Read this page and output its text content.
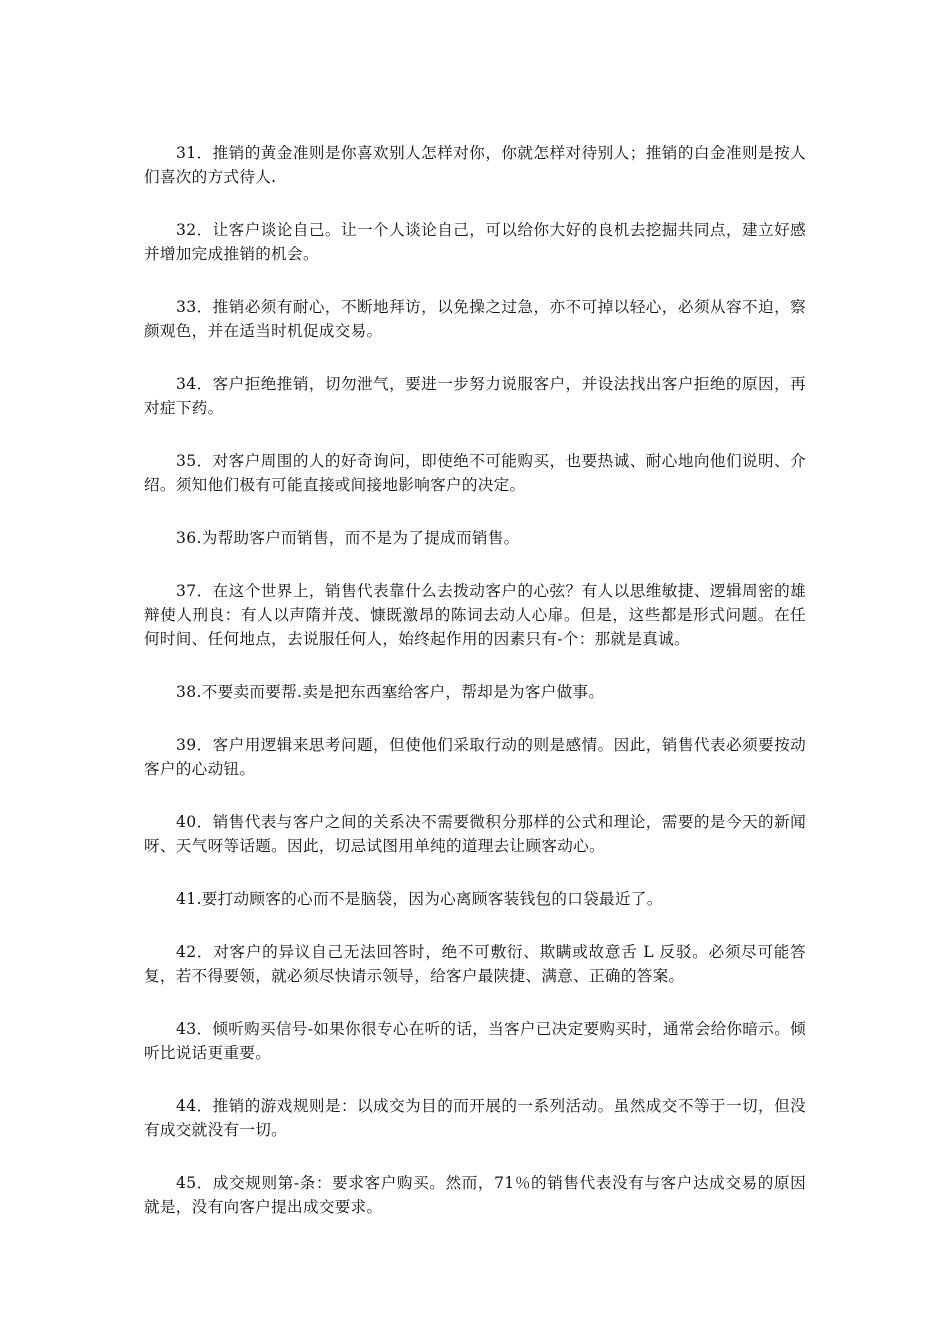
31．推销的黄金准则是你喜欢别人怎样对你，你就怎样对待别人；推销的白金准则是按人们喜次的方式待人.

32．让客户谈论自己。让一个人谈论自己，可以给你大好的良机去挖掘共同点，建立好感并增加完成推销的机会。

33．推销必须有耐心，不断地拜访，以免操之过急，亦不可掉以轻心，必须从容不迫，察颜观色，并在适当时机促成交易。

34．客户拒绝推销，切勿泄气，要进一步努力说服客户，并设法找出客户拒绝的原因，再对症下药。

35．对客户周围的人的好奇询问，即使绝不可能购买，也要热诚、耐心地向他们说明、介绍。须知他们极有可能直接或间接地影响客户的决定。

36.为帮助客户而销售，而不是为了提成而销售。

37．在这个世界上，销售代表靠什么去拨动客户的心弦？有人以思维敏捷、逻辑周密的雄辩使人刑良：有人以声隋并茂、慷既激昂的陈词去动人心扉。但是，这些都是形式问题。在任何时间、任何地点，去说服任何人，始终起作用的因素只有-个：那就是真诚。

38.不要卖而要帮.卖是把东西塞给客户，帮却是为客户做事。

39．客户用逻辑来思考问题，但使他们采取行动的则是感情。因此，销售代表必须要按动客户的心动钮。

40．销售代表与客户之间的关系决不需要微积分那样的公式和理论，需要的是今天的新闻呀、天气呀等话题。因此，切忌试图用单纯的道理去让顾客动心。

41.要打动顾客的心而不是脑袋，因为心离顾客装钱包的口袋最近了。

42．对客户的异议自己无法回答时，绝不可敷衍、欺瞒或故意舌 L 反驳。必须尽可能答复，若不得要领，就必须尽快请示领导，给客户最陕捷、满意、正确的答案。

43．倾听购买信号-如果你很专心在听的话，当客户已决定要购买时，通常会给你暗示。倾听比说话更重要。

44．推销的游戏规则是：以成交为目的而开展的一系列活动。虽然成交不等于一切，但没有成交就没有一切。

45．成交规则第-条：要求客户购买。然而，71％的销售代表没有与客户达成交易的原因就是，没有向客户提出成交要求。
